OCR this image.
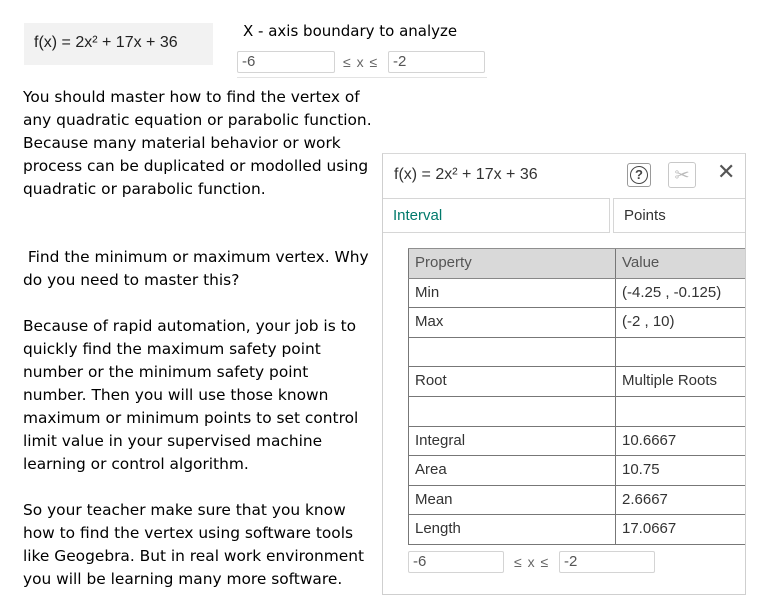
f(x) = 2x² + 17x + 36
X - axis boundary to analyze
-6	≤ x ≤ -2
You should master how to find the vertex of any quadratic equation or parabolic function. Because many material behavior or work process can be duplicated or modolled using quadratic or parabolic function.
Find the minimum or maximum vertex. Why do you need to master this?
Because of rapid automation, your job is to quickly find the maximum safety point number or the minimum safety point number. Then you will use those known maximum or minimum points to set control limit value in your supervised machine learning or control algorithm.
So your teacher make sure that you know how to find the vertex using software tools like Geogebra. But in real work environment you will be learning many more software.
f(x) = 2x² + 17x + 36	?	✂ ✕
Interval	Points
Property	Value
Min	(-4.25 , -0.125)
Max	(-2 , 10)
Root	Multiple Roots
Integral	10.6667
Area	10.75
Mean	2.6667
Length	17.0667
-6	≤ x ≤ -2
